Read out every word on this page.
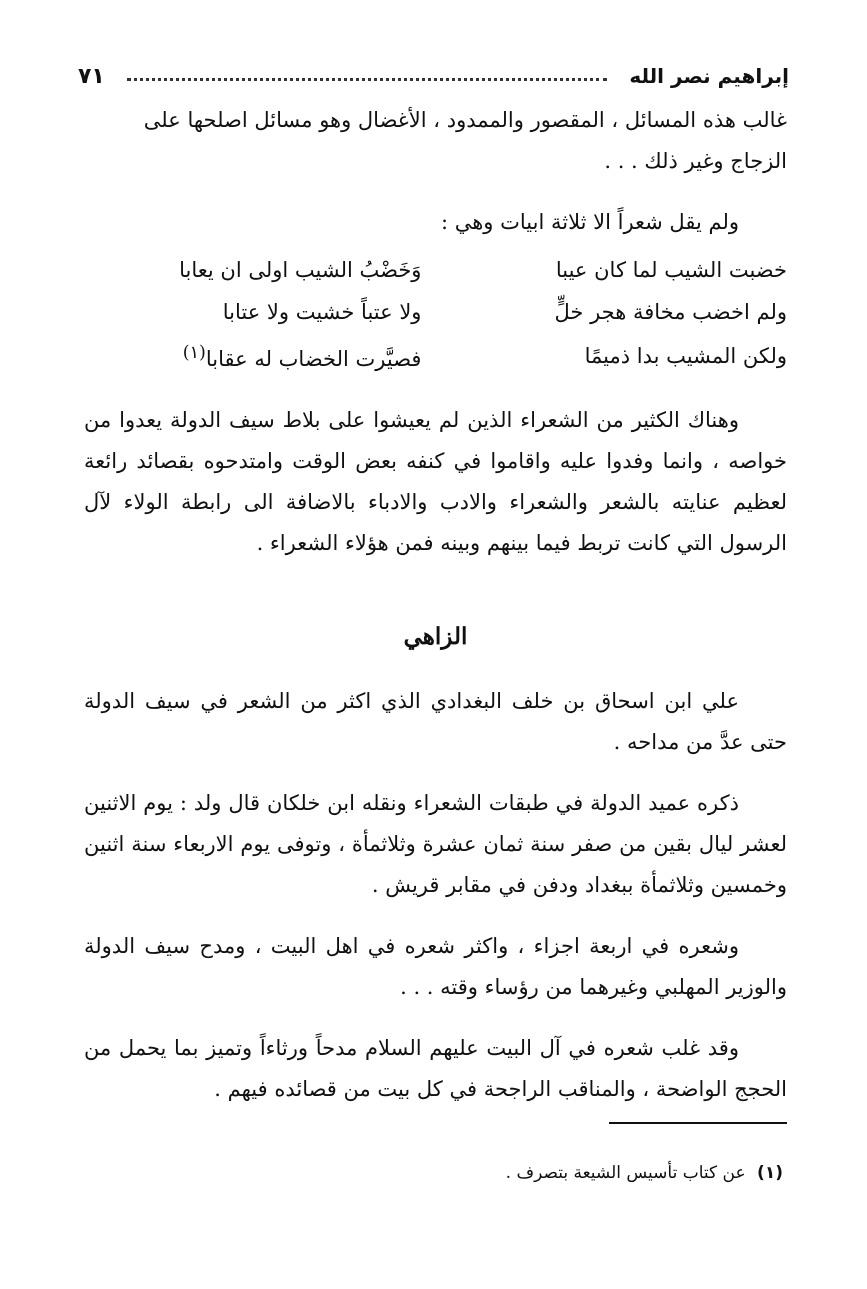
إبراهيم نصر الله
٧١

غالب هذه المسائل ، المقصور والممدود ، الأغضال وهو مسائل اصلحها على

الزجاج وغير ذلك . . .

ولم يقل شعراً الا ثلاثة ابيات وهي :

خضبت الشيب لما كان عيبا	وَخَضْبُ الشيب اولى ان يعابا
ولم اخضب مخافة هجر خلٍّ	ولا عتباً خشيت ولا عتابا
ولكن المشيب بدا ذميمًا	فصيَّرت الخضاب له عقابا$^{(١)}$

وهناك الكثير من الشعراء الذين لم يعيشوا على بلاط سيف الدولة يعدوا من خواصه ، وانما وفدوا عليه واقاموا في كنفه بعض الوقت وامتدحوه بقصائد رائعة لعظيم عنايته بالشعر والشعراء والادب والادباء بالاضافة الى رابطة الولاء لآل الرسول التي كانت تربط فيما بينهم وبينه فمن هؤلاء الشعراء .

الزاهي

علي ابن اسحاق بن خلف البغدادي الذي اكثر من الشعر في سيف الدولة حتى عدَّ من مداحه .

ذكره عميد الدولة في طبقات الشعراء ونقله ابن خلكان قال ولد : يوم الاثنين لعشر ليال بقين من صفر سنة ثمان عشرة وثلاثمأة ، وتوفى يوم الاربعاء سنة اثنين وخمسين وثلاثمأة ببغداد ودفن في مقابر قريش .

وشعره في اربعة اجزاء ، واكثر شعره في اهل البيت ، ومدح سيف الدولة والوزير المهلبي وغيرهما من رؤساء وقته . . .

وقد غلب شعره في آل البيت عليهم السلام مدحاً ورثاءاً وتميز بما يحمل من الحجج الواضحة ، والمناقب الراجحة في كل بيت من قصائده فيهم .

(١) عن كتاب تأسيس الشيعة بتصرف .
